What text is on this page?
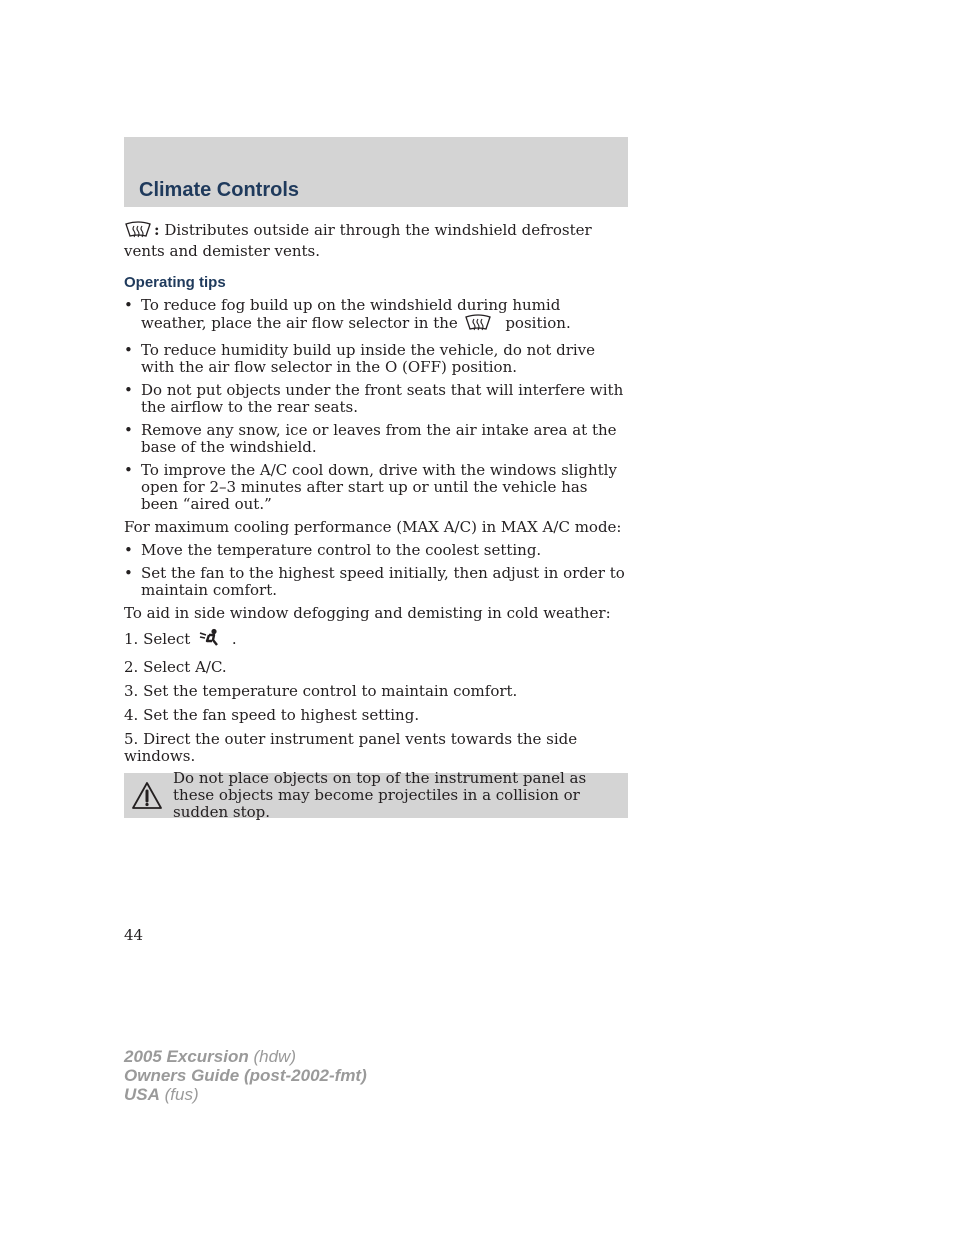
Climate Controls

: Distributes outside air through the windshield defroster vents and demister vents.

Operating tips
• To reduce fog build up on the windshield during humid weather, place the air flow selector in the	position.
• To reduce humidity build up inside the vehicle, do not drive with the air flow selector in the O (OFF) position.
• Do not put objects under the front seats that will interfere with the airflow to the rear seats.
• Remove any snow, ice or leaves from the air intake area at the base of the windshield.
• To improve the A/C cool down, drive with the windows slightly open for 2–3 minutes after start up or until the vehicle has been “aired out.”

For maximum cooling performance (MAX A/C) in MAX A/C mode:

• Move the temperature control to the coolest setting.
• Set the fan to the highest speed initially, then adjust in order to maintain comfort.

To aid in side window defogging and demisting in cold weather:

1. Select	.
2. Select A/C.
3. Set the temperature control to maintain comfort.
4. Set the fan speed to highest setting.
5. Direct the outer instrument panel vents towards the side windows.
Do not place objects on top of the instrument panel as these objects may become projectiles in a collision or sudden stop.
44
2005 Excursion (hdw)
Owners Guide (post-2002-fmt)
USA (fus)
